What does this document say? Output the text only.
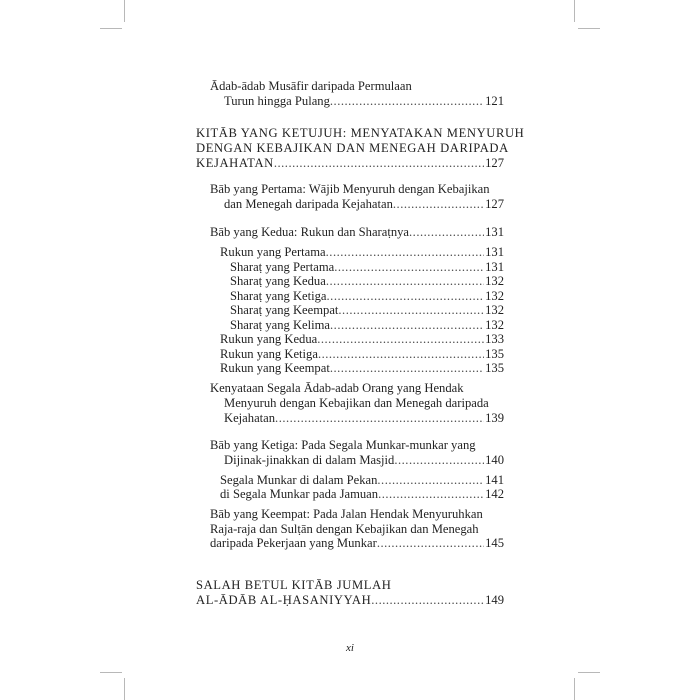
Ādab-ādab Musāfir daripada Permulaan
Turun hingga Pulang .....	121
KITĀB YANG KETUJUH: MENYATAKAN MENYURUH
DENGAN KEBAJIKAN DAN MENEGAH DARIPADA
KEJAHATAN .....	127
Bāb yang Pertama: Wājib Menyuruh dengan Kebajikan
dan Menegah daripada Kejahatan .....	127
Bāb yang Kedua: Rukun dan Sharaṭnya .....	131
Rukun yang Pertama .....	131
Sharaṭ yang Pertama .....	131
Sharaṭ yang Kedua .....	132
Sharaṭ yang Ketiga .....	132
Sharaṭ yang Keempat .....	132
Sharaṭ yang Kelima .....	132
Rukun yang Kedua .....	133
Rukun yang Ketiga .....	135
Rukun yang Keempat .....	135
Kenyataan Segala Ādab-adab Orang yang Hendak
Menyuruh dengan Kebajikan dan Menegah daripada
Kejahatan .....	139
Bāb yang Ketiga: Pada Segala Munkar-munkar yang
Dijinak-jinakkan di dalam Masjid .....	140
Segala Munkar di dalam Pekan .....	141
di Segala Munkar pada Jamuan .....	142
Bāb yang Keempat: Pada Jalan Hendak Menyuruhkan
Raja-raja dan Sulṭān dengan Kebajikan dan Menegah
daripada Pekerjaan yang Munkar .....	145
SALAH BETUL KITĀB JUMLAH
AL-ĀDĀB AL-ḤASANIYYAH .....	149
xi
